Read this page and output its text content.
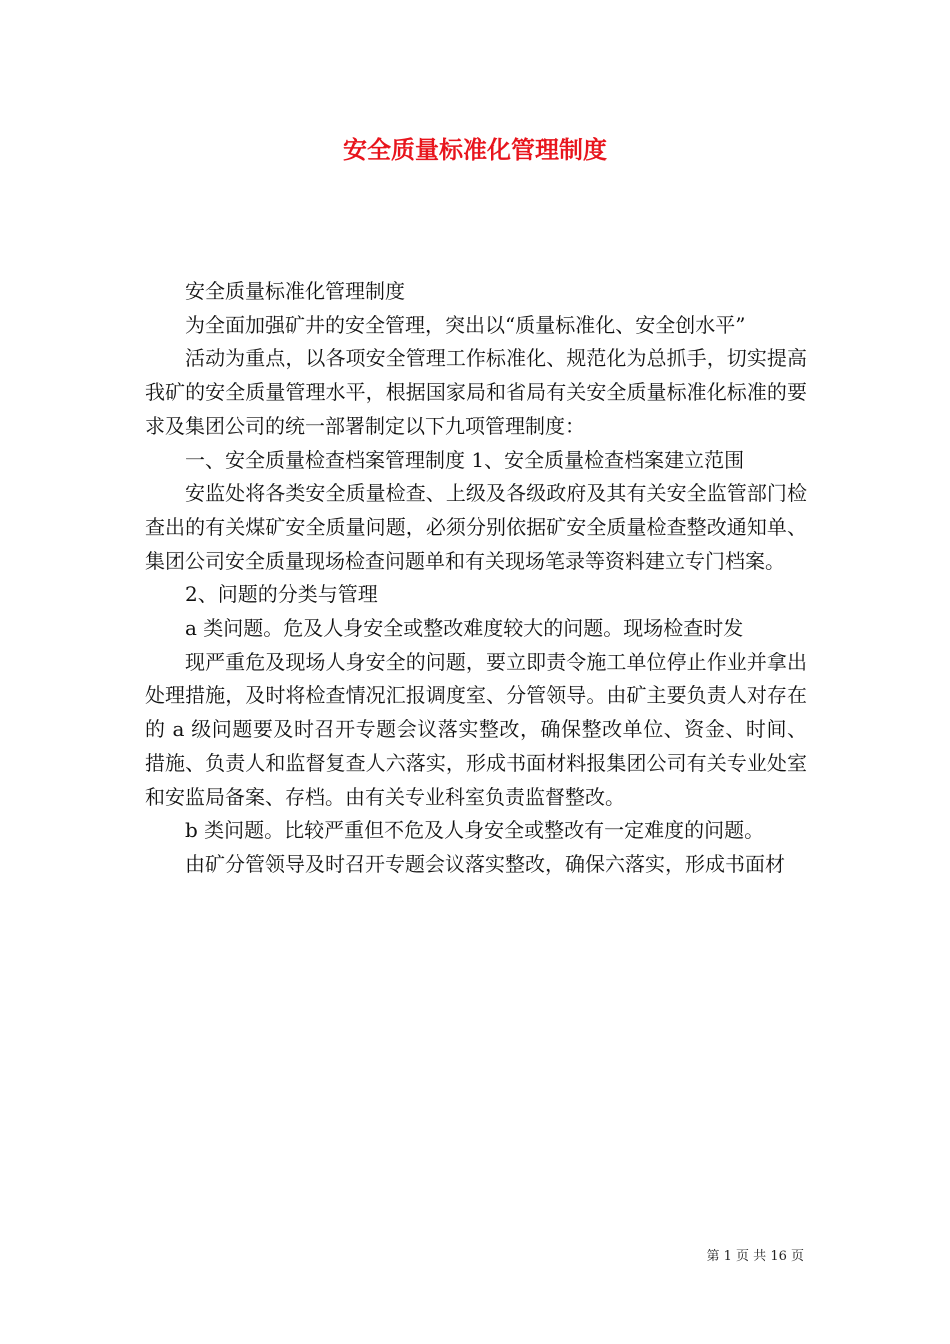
安全质量标准化管理制度

安全质量标准化管理制度

为全面加强矿井的安全管理，突出以“质量标准化、安全创水平”

活动为重点，以各项安全管理工作标准化、规范化为总抓手，切实提高我矿的安全质量管理水平，根据国家局和省局有关安全质量标准化标准的要求及集团公司的统一部署制定以下九项管理制度：

一、安全质量检查档案管理制度 1、安全质量检查档案建立范围

安监处将各类安全质量检查、上级及各级政府及其有关安全监管部门检查出的有关煤矿安全质量问题，必须分别依据矿安全质量检查整改通知单、集团公司安全质量现场检查问题单和有关现场笔录等资料建立专门档案。

2、问题的分类与管理

a 类问题。危及人身安全或整改难度较大的问题。现场检查时发

现严重危及现场人身安全的问题，要立即责令施工单位停止作业并拿出处理措施，及时将检查情况汇报调度室、分管领导。由矿主要负责人对存在的 a 级问题要及时召开专题会议落实整改，确保整改单位、资金、时间、措施、负责人和监督复查人六落实，形成书面材料报集团公司有关专业处室和安监局备案、存档。由有关专业科室负责监督整改。

b 类问题。比较严重但不危及人身安全或整改有一定难度的问题。

由矿分管领导及时召开专题会议落实整改，确保六落实，形成书面材

第 1 页 共 16 页
